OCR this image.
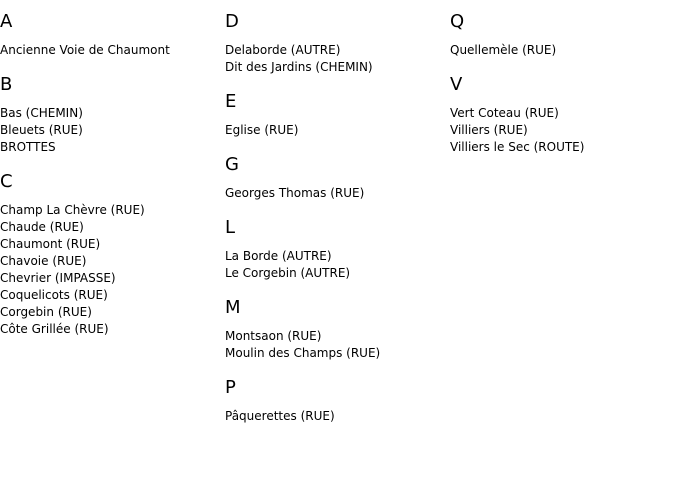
A
Ancienne Voie de Chaumont
B
Bas (CHEMIN)
Bleuets (RUE)
BROTTES
C
Champ La Chèvre (RUE)
Chaude (RUE)
Chaumont (RUE)
Chavoie (RUE)
Chevrier (IMPASSE)
Coquelicots (RUE)
Corgebin (RUE)
Côte Grillée (RUE)
D
Delaborde (AUTRE)
Dit des Jardins (CHEMIN)
E
Eglise (RUE)
G
Georges Thomas (RUE)
L
La Borde (AUTRE)
Le Corgebin (AUTRE)
M
Montsaon (RUE)
Moulin des Champs (RUE)
P
Pâquerettes (RUE)
Q
Quellemèle (RUE)
V
Vert Coteau (RUE)
Villiers (RUE)
Villiers le Sec (ROUTE)
